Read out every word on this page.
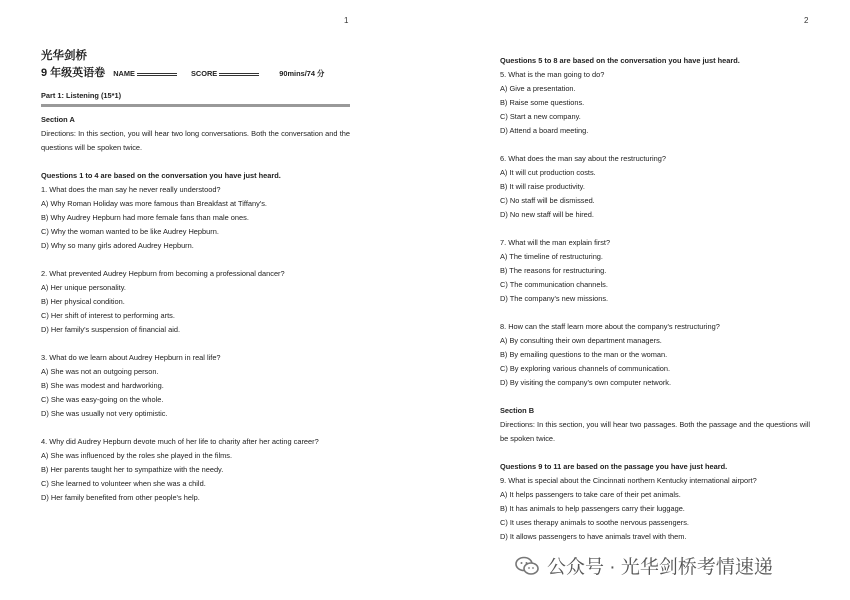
1	2
光华剑桥
9 年级英语卷 NAME	SCORE	90mins/74 分
Part 1: Listening (15*1)
Section A
Directions: In this section, you will hear two long conversations. Both the conversation and the questions will be spoken twice.
Questions 1 to 4 are based on the conversation you have just heard.
1. What does the man say he never really understood?
A) Why Roman Holiday was more famous than Breakfast at Tiffany's.
B) Why Audrey Hepburn had more female fans than male ones.
C) Why the woman wanted to be like Audrey Hepburn.
D) Why so many girls adored Audrey Hepburn.
2. What prevented Audrey Hepburn from becoming a professional dancer?
A) Her unique personality.
B) Her physical condition.
C) Her shift of interest to performing arts.
D) Her family's suspension of financial aid.
3. What do we learn about Audrey Hepburn in real life?
A) She was not an outgoing person.
B) She was modest and hardworking.
C) She was easy-going on the whole.
D) She was usually not very optimistic.
4. Why did Audrey Hepburn devote much of her life to charity after her acting career?
A) She was influenced by the roles she played in the films.
B) Her parents taught her to sympathize with the needy.
C) She learned to volunteer when she was a child.
D) Her family benefited from other people's help.
Questions 5 to 8 are based on the conversation you have just heard.
5. What is the man going to do?
A) Give a presentation.
B) Raise some questions.
C) Start a new company.
D) Attend a board meeting.
6. What does the man say about the restructuring?
A) It will cut production costs.
B) It will raise productivity.
C) No staff will be dismissed.
D) No new staff will be hired.
7. What will the man explain first?
A) The timeline of restructuring.
B) The reasons for restructuring.
C) The communication channels.
D) The company's new missions.
8. How can the staff learn more about the company's restructuring?
A) By consulting their own department managers.
B) By emailing questions to the man or the woman.
C) By exploring various channels of communication.
D) By visiting the company's own computer network.
Section B
Directions: In this section, you will hear two passages. Both the passage and the questions will be spoken twice.
Questions 9 to 11 are based on the passage you have just heard.
9. What is special about the Cincinnati northern Kentucky international airport?
A) It helps passengers to take care of their pet animals.
B) It has animals to help passengers carry their luggage.
C) It uses therapy animals to soothe nervous passengers.
D) It allows passengers to have animals travel with them.
公众号 · 光华剑桥考情速递
